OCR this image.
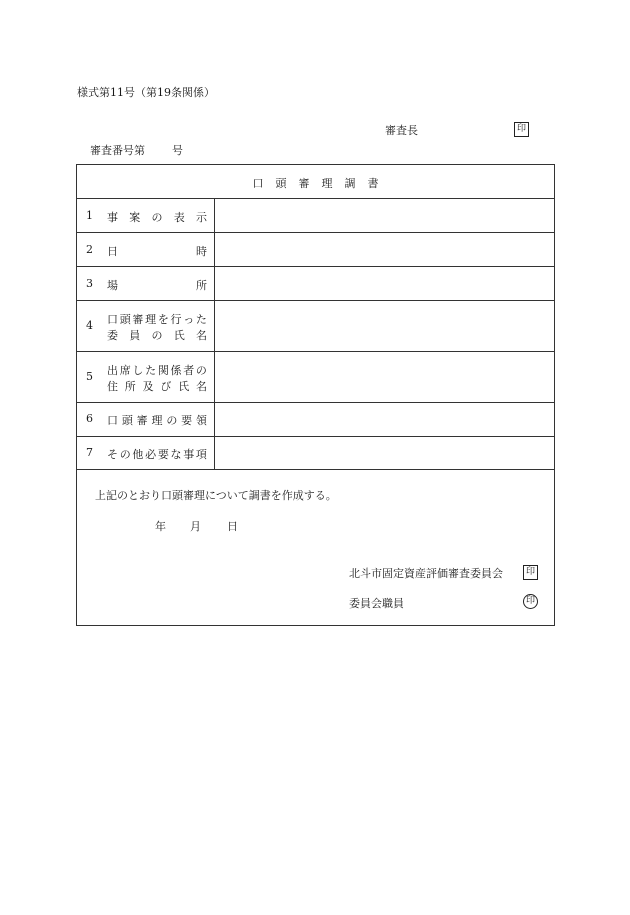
様式第11号（第19条関係）
審査長	印
審査番号第 号
口頭審理調書
1 事 案 の 表 示
2 日	時
3 場	所
4 口 頭 審 理 を 行 っ た
委 員 の 氏 名
5 出 席 し た 関 係 者 の
住 所 及 び 氏 名
6 口 頭 審 理 の 要 領
7 そ の 他 必 要 な 事 項
上記のとおり口頭審理について調書を作成する。
年 月 日
北斗市固定資産評価審査委員会	印
委員会職員	印
